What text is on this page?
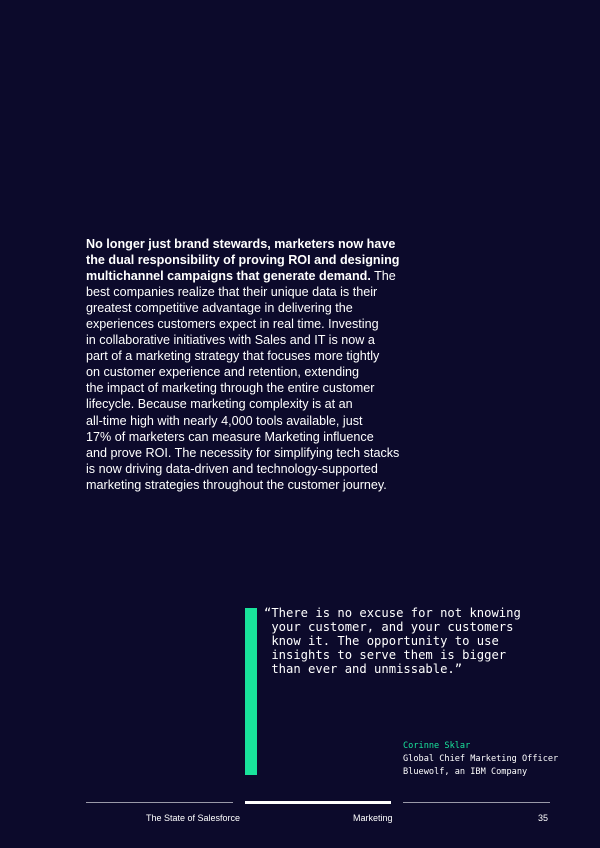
No longer just brand stewards, marketers now have
the dual responsibility of proving ROI and designing
multichannel campaigns that generate demand. The
best companies realize that their unique data is their
greatest competitive advantage in delivering the
experiences customers expect in real time. Investing
in collaborative initiatives with Sales and IT is now a
part of a marketing strategy that focuses more tightly
on customer experience and retention, extending
the impact of marketing through the entire customer
lifecycle. Because marketing complexity is at an
all-time high with nearly 4,000 tools available, just
17% of marketers can measure Marketing influence
and prove ROI. The necessity for simplifying tech stacks
is now driving data-driven and technology-supported
marketing strategies throughout the customer journey.
“There is no excuse for not knowing
your customer, and your customers
know it. The opportunity to use
insights to serve them is bigger
than ever and unmissable.”
Corinne Sklar
Global Chief Marketing Officer
Bluewolf, an IBM Company
The State of Salesforce	Marketing	35
